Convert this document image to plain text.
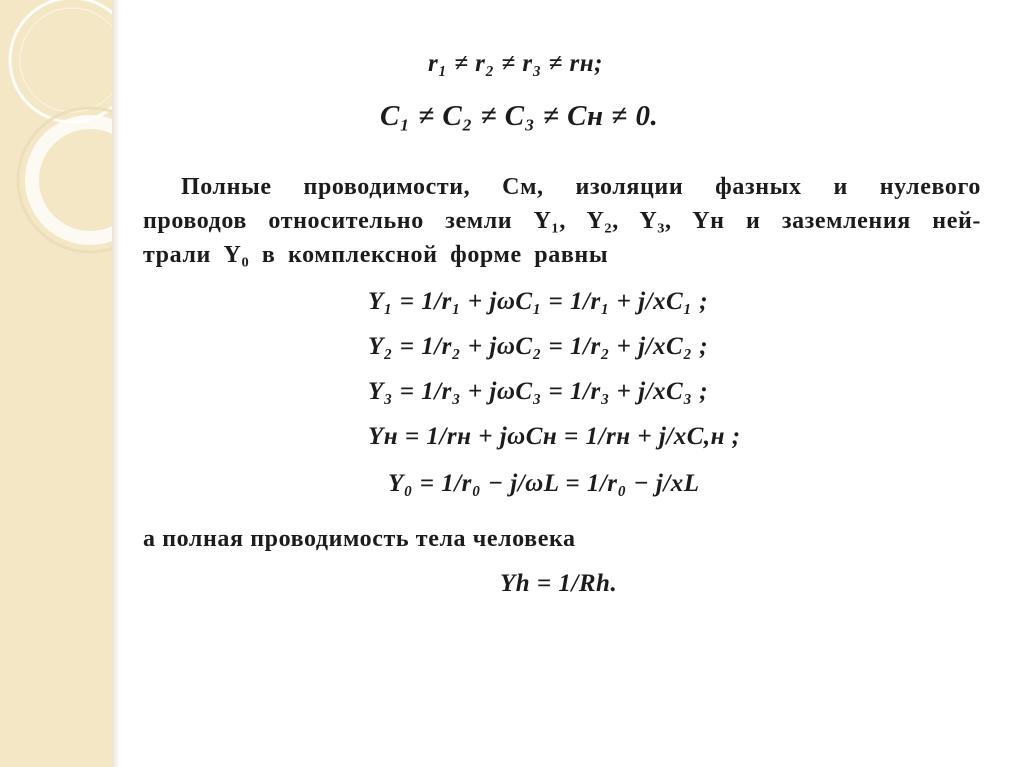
r₁ ≠ r₂ ≠ r₃ ≠ rн;
C₁ ≠ C₂ ≠ C₃ ≠ Cн ≠ 0.
Полные проводимости, См, изоляции фазных и нулевого
проводов относительно земли Y₁, Y₂, Y₃, Yн и заземления ней-
трали Y₀ в комплексной форме равны
Y₁ = 1/r₁ + jωC₁ = 1/r₁ + j/xC₁ ;
Y₂ = 1/r₂ + jωC₂ = 1/r₂ + j/xC₂ ;
Y₃ = 1/r₃ + jωC₃ = 1/r₃ + j/xC₃ ;
Yн = 1/rн + jωCн = 1/rн + j/xC,н ;
Y₀ = 1/r₀ − j/ωL = 1/r₀ − j/xL
а полная проводимость тела человека
Yh = 1/Rh.
